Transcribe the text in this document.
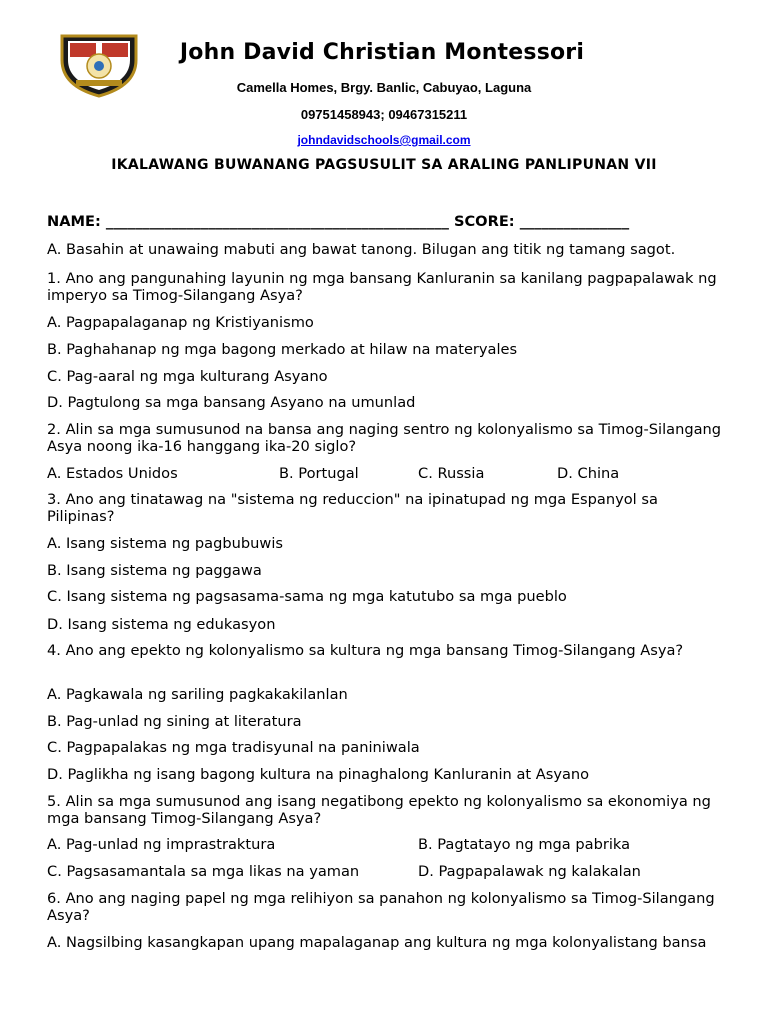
John David Christian Montessori
Camella Homes, Brgy. Banlic, Cabuyao, Laguna
09751458943; 09467315211
johndavidschools@gmail.com
IKALAWANG BUWANANG PAGSUSULIT SA ARALING PANLIPUNAN VII
NAME: _______________________________________________ SCORE: _______________
A. Basahin at unawaing mabuti ang bawat tanong. Bilugan ang titik ng tamang sagot.
1. Ano ang pangunahing layunin ng mga bansang Kanluranin sa kanilang pagpapalawak ng imperyo sa Timog-Silangang Asya?
A. Pagpapalaganap ng Kristiyanismo
B. Paghahanap ng mga bagong merkado at hilaw na materyales
C. Pag-aaral ng mga kulturang Asyano
D. Pagtulong sa mga bansang Asyano na umunlad
2. Alin sa mga sumusunod na bansa ang naging sentro ng kolonyalismo sa Timog-Silangang Asya noong ika-16 hanggang ika-20 siglo?
A. Estados Unidos	B. Portugal	C. Russia	D. China
3. Ano ang tinatawag na "sistema ng reduccion" na ipinatupad ng mga Espanyol sa Pilipinas?
A. Isang sistema ng pagbubuwis
B. Isang sistema ng paggawa
C. Isang sistema ng pagsasama-sama ng mga katutubo sa mga pueblo
D. Isang sistema ng edukasyon
4. Ano ang epekto ng kolonyalismo sa kultura ng mga bansang Timog-Silangang Asya?
A. Pagkawala ng sariling pagkakakilanlan
B. Pag-unlad ng sining at literatura
C. Pagpapalakas ng mga tradisyunal na paniniwala
D. Paglikha ng isang bagong kultura na pinaghalong Kanluranin at Asyano
5. Alin sa mga sumusunod ang isang negatibong epekto ng kolonyalismo sa ekonomiya ng mga bansang Timog-Silangang Asya?
A. Pag-unlad ng imprastraktura	B. Pagtatayo ng mga pabrika
C. Pagsasamantala sa mga likas na yaman	D. Pagpapalawak ng kalakalan
6. Ano ang naging papel ng mga relihiyon sa panahon ng kolonyalismo sa Timog-Silangang Asya?
A. Nagsilbing kasangkapan upang mapalaganap ang kultura ng mga kolonyalistang bansa
